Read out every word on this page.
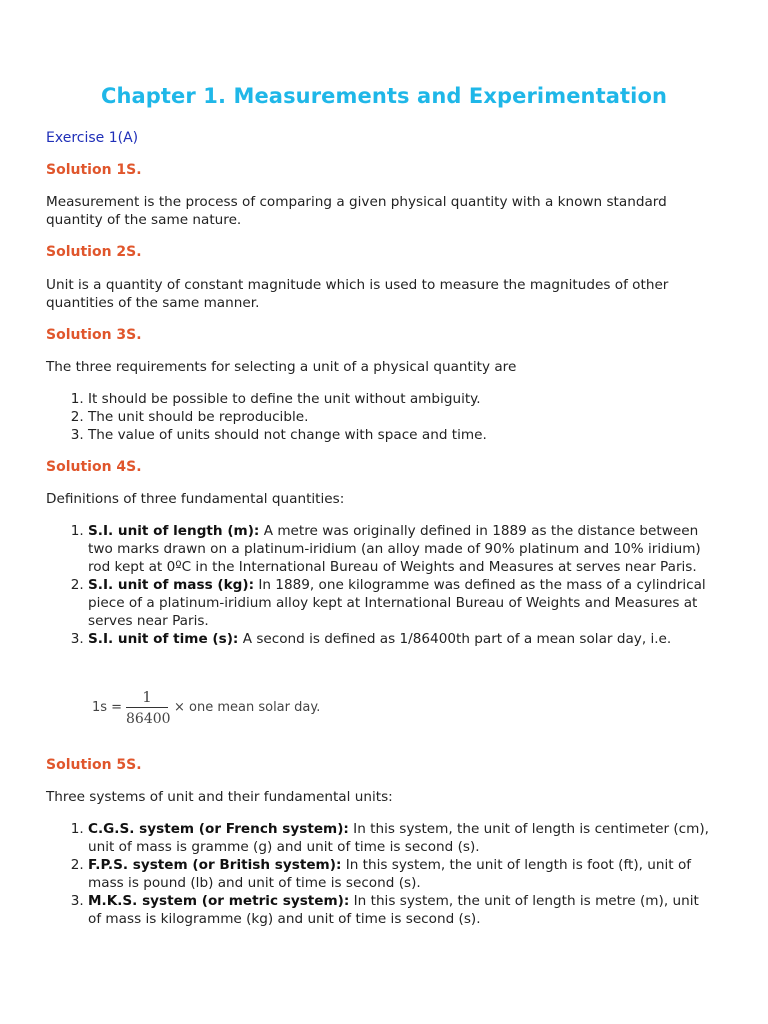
Chapter 1. Measurements and Experimentation

Exercise 1(A)

Solution 1S.

Measurement is the process of comparing a given physical quantity with a known standard quantity of the same nature.

Solution 2S.

Unit is a quantity of constant magnitude which is used to measure the magnitudes of other quantities of the same manner.

Solution 3S.

The three requirements for selecting a unit of a physical quantity are

1. It should be possible to define the unit without ambiguity.
2. The unit should be reproducible.
3. The value of units should not change with space and time.

Solution 4S.

Definitions of three fundamental quantities:

1. S.I. unit of length (m): A metre was originally defined in 1889 as the distance between two marks drawn on a platinum-iridium (an alloy made of 90% platinum and 10% iridium) rod kept at 0ºC in the International Bureau of Weights and Measures at serves near Paris.
2. S.I. unit of mass (kg): In 1889, one kilogramme was defined as the mass of a cylindrical piece of a platinum-iridium alloy kept at International Bureau of Weights and Measures at serves near Paris.
3. S.I. unit of time (s): A second is defined as 1/86400th part of a mean solar day, i.e.
1s =
1
86400
× one mean solar day.

Solution 5S.

Three systems of unit and their fundamental units:

1. C.G.S. system (or French system): In this system, the unit of length is centimeter (cm), unit of mass is gramme (g) and unit of time is second (s).
2. F.P.S. system (or British system): In this system, the unit of length is foot (ft), unit of mass is pound (lb) and unit of time is second (s).
3. M.K.S. system (or metric system): In this system, the unit of length is metre (m), unit of mass is kilogramme (kg) and unit of time is second (s).
